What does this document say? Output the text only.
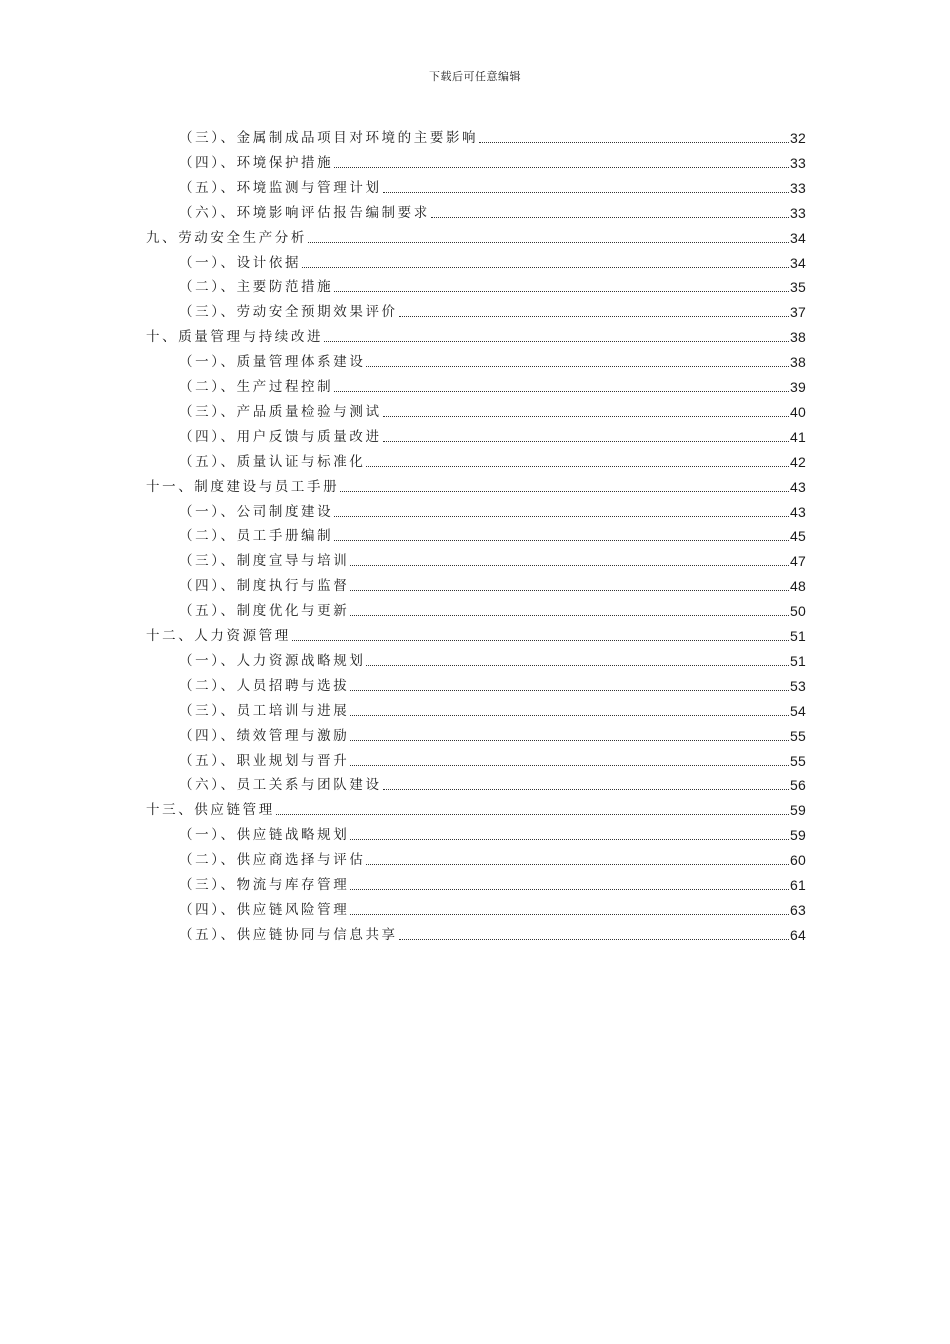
下载后可任意编辑
（三）、金属制成品项目对环境的主要影响	32
（四）、环境保护措施	33
（五）、环境监测与管理计划	33
（六）、环境影响评估报告编制要求	33
九、劳动安全生产分析	34
（一）、设计依据	34
（二）、主要防范措施	35
（三）、劳动安全预期效果评价	37
十、质量管理与持续改进	38
（一）、质量管理体系建设	38
（二）、生产过程控制	39
（三）、产品质量检验与测试	40
（四）、用户反馈与质量改进	41
（五）、质量认证与标准化	42
十一、制度建设与员工手册	43
（一）、公司制度建设	43
（二）、员工手册编制	45
（三）、制度宣导与培训	47
（四）、制度执行与监督	48
（五）、制度优化与更新	50
十二、人力资源管理	51
（一）、人力资源战略规划	51
（二）、人员招聘与选拔	53
（三）、员工培训与进展	54
（四）、绩效管理与激励	55
（五）、职业规划与晋升	55
（六）、员工关系与团队建设	56
十三、供应链管理	59
（一）、供应链战略规划	59
（二）、供应商选择与评估	60
（三）、物流与库存管理	61
（四）、供应链风险管理	63
（五）、供应链协同与信息共享	64
